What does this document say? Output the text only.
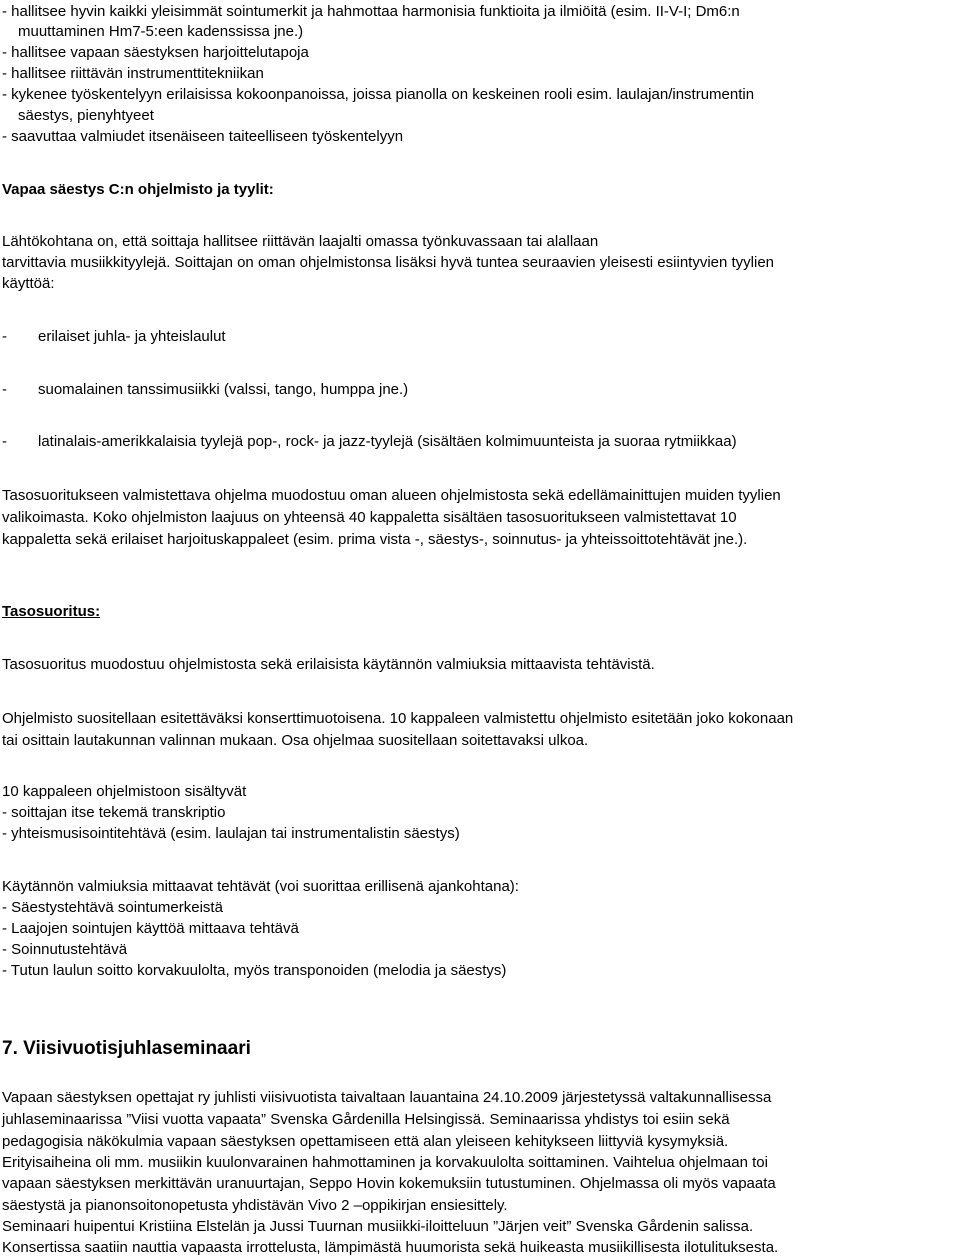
- hallitsee hyvin kaikki yleisimmät sointumerkit ja hahmottaa harmonisia funktioita ja ilmiöitä (esim. II-V-I; Dm6:n
muuttaminen Hm7-5:een kadenssissa jne.)
- hallitsee vapaan säestyksen harjoittelutapoja
- hallitsee riittävän instrumenttitekniikan
- kykenee työskentelyyn erilaisissa kokoonpanoissa, joissa pianolla on keskeinen rooli esim. laulajan/instrumentin
säestys, pienyhtyeet
- saavuttaa valmiudet itsenäiseen taiteelliseen työskentelyyn
Vapaa säestys C:n ohjelmisto ja tyylit:
Lähtökohtana on, että soittaja hallitsee riittävän laajalti omassa työnkuvassaan tai alallaan
tarvittavia musiikkityylejä. Soittajan on oman ohjelmistonsa lisäksi hyvä tuntea seuraavien yleisesti esiintyvien tyylien
käyttöä:
- erilaiset juhla- ja yhteislaulut
- suomalainen tanssimusiikki (valssi, tango, humppa jne.)
- latinalais-amerikkalaisia tyylejä pop-, rock- ja jazz-tyylejä (sisältäen kolmimuunteista ja suoraa rytmiikkaa)
Tasosuoritukseen valmistettava ohjelma muodostuu oman alueen ohjelmistosta sekä edellämainittujen muiden tyylien
valikoimasta. Koko ohjelmiston laajuus on yhteensä 40 kappaletta sisältäen tasosuoritukseen valmistettavat 10
kappaletta sekä erilaiset harjoituskappaleet (esim. prima vista -, säestys-, soinnutus- ja yhteissoittotehtävät jne.).
Tasosuoritus:
Tasosuoritus muodostuu ohjelmistosta sekä erilaisista käytännön valmiuksia mittaavista tehtävistä.
Ohjelmisto suositellaan esitettäväksi konserttimuotoisena. 10 kappaleen valmistettu ohjelmisto esitetään joko kokonaan
tai osittain lautakunnan valinnan mukaan. Osa ohjelmaa suositellaan soitettavaksi ulkoa.
10 kappaleen ohjelmistoon sisältyvät
- soittajan itse tekemä transkriptio
- yhteismusisointitehtävä (esim. laulajan tai instrumentalistin säestys)
Käytännön valmiuksia mittaavat tehtävät (voi suorittaa erillisenä ajankohtana):
- Säestystehtävä sointumerkeistä
- Laajojen sointujen käyttöä mittaava tehtävä
- Soinnutustehtävä
- Tutun laulun soitto korvakuulolta, myös transponoiden (melodia ja säestys)
7. Viisivuotisjuhlaseminaari
Vapaan säestyksen opettajat ry juhlisti viisivuotista taivaltaan lauantaina 24.10.2009 järjestetyssä valtakunnallisessa
juhlaseminaarissa ”Viisi vuotta vapaata” Svenska Gårdenilla Helsingissä. Seminaarissa yhdistys toi esiin sekä
pedagogisia näkökulmia vapaan säestyksen opettamiseen että alan yleiseen kehitykseen liittyviä kysymyksiä.
Erityisaiheina oli mm. musiikin kuulonvarainen hahmottaminen ja korvakuulolta soittaminen. Vaihtelua ohjelmaan toi
vapaan säestyksen merkittävän uranuurtajan, Seppo Hovin kokemuksiin tutustuminen. Ohjelmassa oli myös vapaata
säestystä ja pianonsoitonopetusta yhdistävän Vivo 2 –oppikirjan ensiesittely.
Seminaari huipentui Kristiina Elstelän ja Jussi Tuurnan musiikki-iloitteluun ”Järjen veit” Svenska Gårdenin salissa.
Konsertissa saatiin nauttia vapaasta irrottelusta, lämpimästä huumorista sekä huikeasta musiikillisesta ilotulituksesta.
